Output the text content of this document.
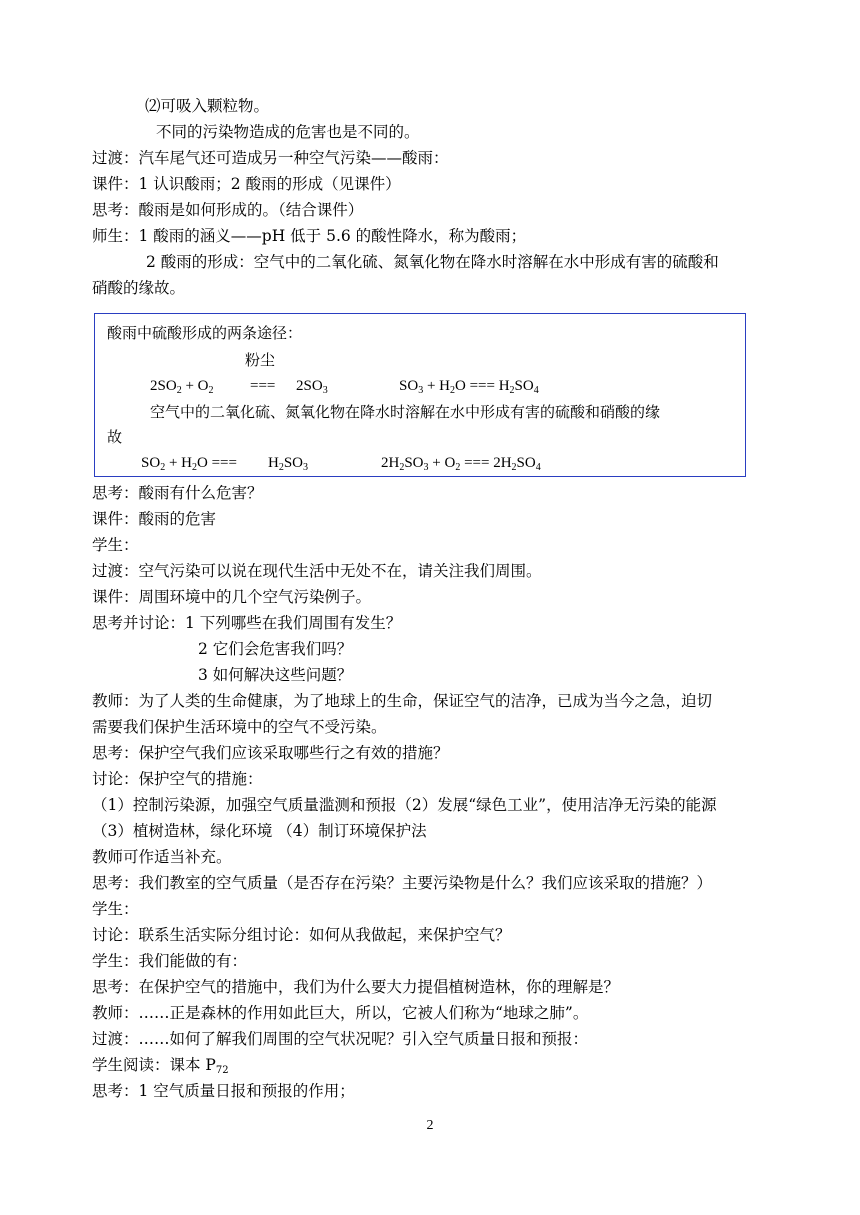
⑵可吸入颗粒物。
不同的污染物造成的危害也是不同的。
过渡：汽车尾气还可造成另一种空气污染——酸雨：
课件：1 认识酸雨；2 酸雨的形成（见课件）
思考：酸雨是如何形成的。（结合课件）
师生：1 酸雨的涵义——pH 低于 5.6 的酸性降水，称为酸雨；
2 酸雨的形成：空气中的二氧化硫、氮氧化物在降水时溶解在水中形成有害的硫酸和
硝酸的缘故。
酸雨中硫酸形成的两条途径：
粉尘
$2SO_2 + O_2$ === $2SO_3$	$SO_3 + H_2O$ === $H_2SO_4$
空气中的二氧化硫、氮氧化物在降水时溶解在水中形成有害的硫酸和硝酸的缘
故
$SO_2 + H_2O$ === $H_2SO_3$	$2H_2SO_3 + O_2$ === $2H_2SO_4$
思考：酸雨有什么危害？
课件：酸雨的危害
学生：
过渡：空气污染可以说在现代生活中无处不在，请关注我们周围。
课件：周围环境中的几个空气污染例子。
思考并讨论：1 下列哪些在我们周围有发生？
2 它们会危害我们吗？
3 如何解决这些问题？
教师：为了人类的生命健康，为了地球上的生命，保证空气的洁净，已成为当今之急，迫切
需要我们保护生活环境中的空气不受污染。
思考：保护空气我们应该采取哪些行之有效的措施？
讨论：保护空气的措施：
（1）控制污染源，加强空气质量滥测和预报（2）发展“绿色工业”，使用洁净无污染的能源
（3）植树造林，绿化环境 （4）制订环境保护法
教师可作适当补充。
思考：我们教室的空气质量（是否存在污染？主要污染物是什么？我们应该采取的措施？）
学生：
讨论：联系生活实际分组讨论：如何从我做起，来保护空气？
学生：我们能做的有：
思考：在保护空气的措施中，我们为什么要大力提倡植树造林，你的理解是？
教师：……正是森林的作用如此巨大，所以，它被人们称为“地球之肺”。
过渡：……如何了解我们周围的空气状况呢？引入空气质量日报和预报：
学生阅读：课本 $P_{72}$
思考：1 空气质量日报和预报的作用；
2
